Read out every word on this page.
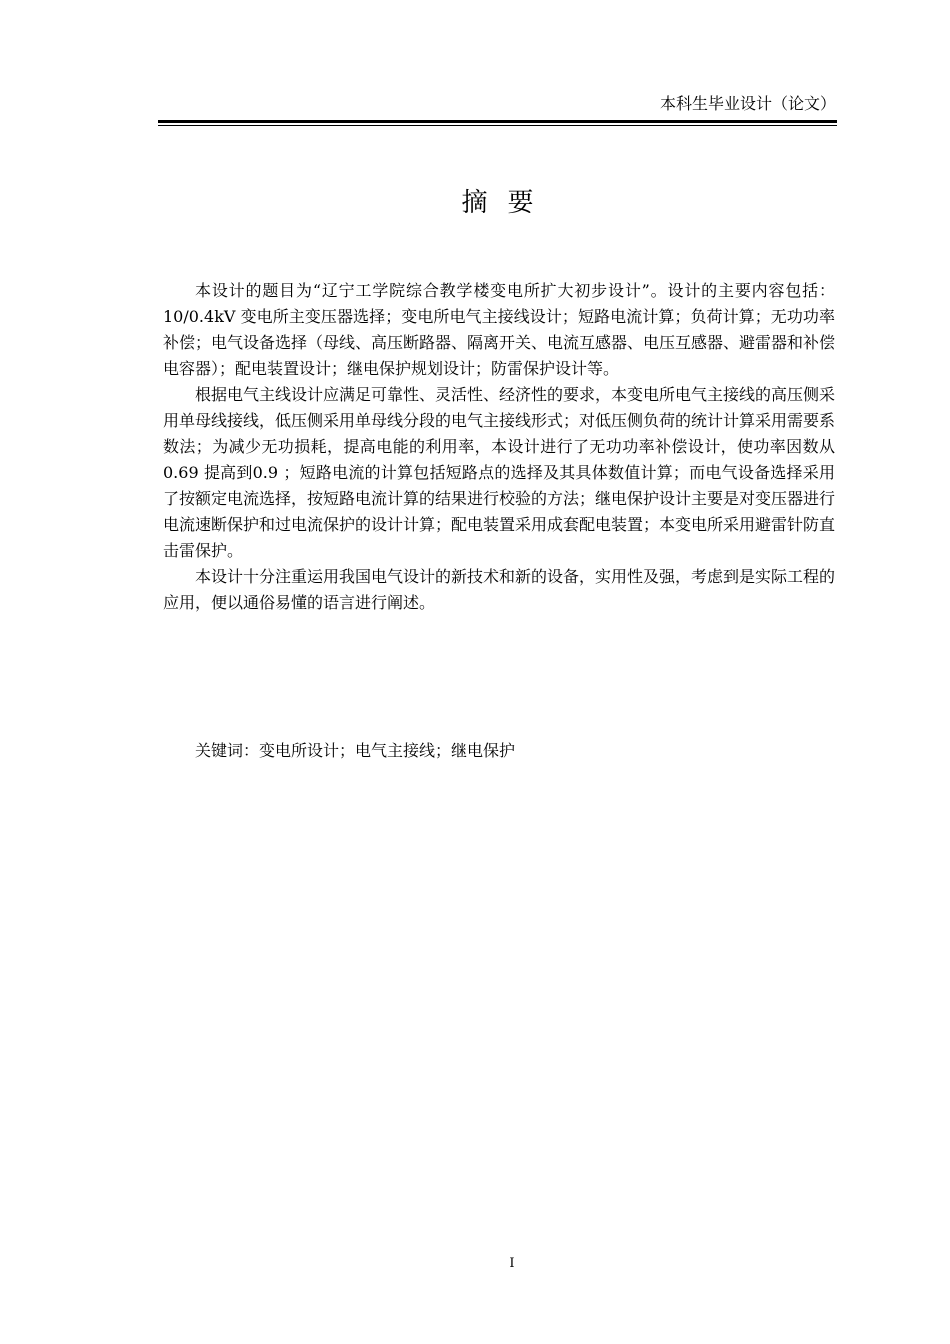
本科生毕业设计（论文）
摘要

本设计的题目为“辽宁工学院综合教学楼变电所扩大初步设计”。设计的主要内容包括：10/0.4kV 变电所主变压器选择；变电所电气主接线设计；短路电流计算；负荷计算；无功功率补偿；电气设备选择（母线、高压断路器、隔离开关、电流互感器、电压互感器、避雷器和补偿电容器）；配电装置设计；继电保护规划设计；防雷保护设计等。

根据电气主线设计应满足可靠性、灵活性、经济性的要求，本变电所电气主接线的高压侧采用单母线接线，低压侧采用单母线分段的电气主接线形式；对低压侧负荷的统计计算采用需要系数法；为减少无功损耗，提高电能的利用率，本设计进行了无功功率补偿设计，使功率因数从0.69 提高到0.9 ；短路电流的计算包括短路点的选择及其具体数值计算；而电气设备选择采用了按额定电流选择，按短路电流计算的结果进行校验的方法；继电保护设计主要是对变压器进行电流速断保护和过电流保护的设计计算；配电装置采用成套配电装置；本变电所采用避雷针防直击雷保护。

本设计十分注重运用我国电气设计的新技术和新的设备，实用性及强，考虑到是实际工程的应用，便以通俗易懂的语言进行阐述。

关键词：变电所设计；电气主接线；继电保护
I
